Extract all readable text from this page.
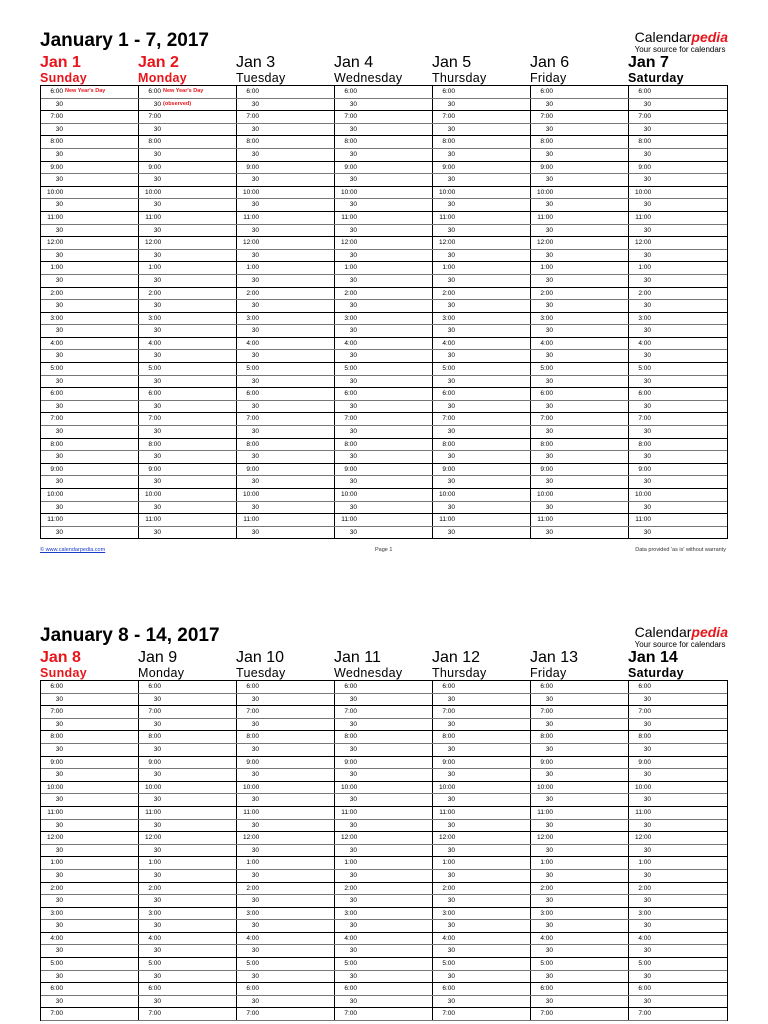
January 1 - 7, 2017	Calendarpedia
Your source for calendars
Jan 1
Sunday
Jan 2
Monday
Jan 3
Tuesday
Jan 4
Wednesday
Jan 5
Thursday
Jan 6
Friday
Jan 7
Saturday
6:00 New Year's Day	6:00 New Year's Day	6:00	6:00	6:00	6:00	6:00
30	30 (observed)	30	30	30	30	30
7:00	7:00	7:00	7:00	7:00	7:00	7:00
30	30	30	30	30	30	30
8:00	8:00	8:00	8:00	8:00	8:00	8:00
30	30	30	30	30	30	30
9:00	9:00	9:00	9:00	9:00	9:00	9:00
30	30	30	30	30	30	30
10:00	10:00	10:00	10:00	10:00	10:00	10:00
30	30	30	30	30	30	30
11:00	11:00	11:00	11:00	11:00	11:00	11:00
30	30	30	30	30	30	30
12:00	12:00	12:00	12:00	12:00	12:00	12:00
30	30	30	30	30	30	30
1:00	1:00	1:00	1:00	1:00	1:00	1:00
30	30	30	30	30	30	30
2:00	2:00	2:00	2:00	2:00	2:00	2:00
30	30	30	30	30	30	30
3:00	3:00	3:00	3:00	3:00	3:00	3:00
30	30	30	30	30	30	30
4:00	4:00	4:00	4:00	4:00	4:00	4:00
30	30	30	30	30	30	30
5:00	5:00	5:00	5:00	5:00	5:00	5:00
30	30	30	30	30	30	30
6:00	6:00	6:00	6:00	6:00	6:00	6:00
30	30	30	30	30	30	30
7:00	7:00	7:00	7:00	7:00	7:00	7:00
30	30	30	30	30	30	30
8:00	8:00	8:00	8:00	8:00	8:00	8:00
30	30	30	30	30	30	30
9:00	9:00	9:00	9:00	9:00	9:00	9:00
30	30	30	30	30	30	30
10:00	10:00	10:00	10:00	10:00	10:00	10:00
30	30	30	30	30	30	30
11:00	11:00	11:00	11:00	11:00	11:00	11:00
30	30	30	30	30	30	30
© www.calendarpedia.com	Page 1	Data provided 'as is' without warranty
January 8 - 14, 2017	Calendarpedia
Your source for calendars
Jan 8
Sunday
Jan 9
Monday
Jan 10
Tuesday
Jan 11
Wednesday
Jan 12
Thursday
Jan 13
Friday
Jan 14
Saturday
6:00	6:00	6:00	6:00	6:00	6:00	6:00
30	30	30	30	30	30	30
7:00	7:00	7:00	7:00	7:00	7:00	7:00
30	30	30	30	30	30	30
8:00	8:00	8:00	8:00	8:00	8:00	8:00
30	30	30	30	30	30	30
9:00	9:00	9:00	9:00	9:00	9:00	9:00
30	30	30	30	30	30	30
10:00	10:00	10:00	10:00	10:00	10:00	10:00
30	30	30	30	30	30	30
11:00	11:00	11:00	11:00	11:00	11:00	11:00
30	30	30	30	30	30	30
12:00	12:00	12:00	12:00	12:00	12:00	12:00
30	30	30	30	30	30	30
1:00	1:00	1:00	1:00	1:00	1:00	1:00
30	30	30	30	30	30	30
2:00	2:00	2:00	2:00	2:00	2:00	2:00
30	30	30	30	30	30	30
3:00	3:00	3:00	3:00	3:00	3:00	3:00
30	30	30	30	30	30	30
4:00	4:00	4:00	4:00	4:00	4:00	4:00
30	30	30	30	30	30	30
5:00	5:00	5:00	5:00	5:00	5:00	5:00
30	30	30	30	30	30	30
6:00	6:00	6:00	6:00	6:00	6:00	6:00
30	30	30	30	30	30	30
7:00	7:00	7:00	7:00	7:00	7:00	7:00
